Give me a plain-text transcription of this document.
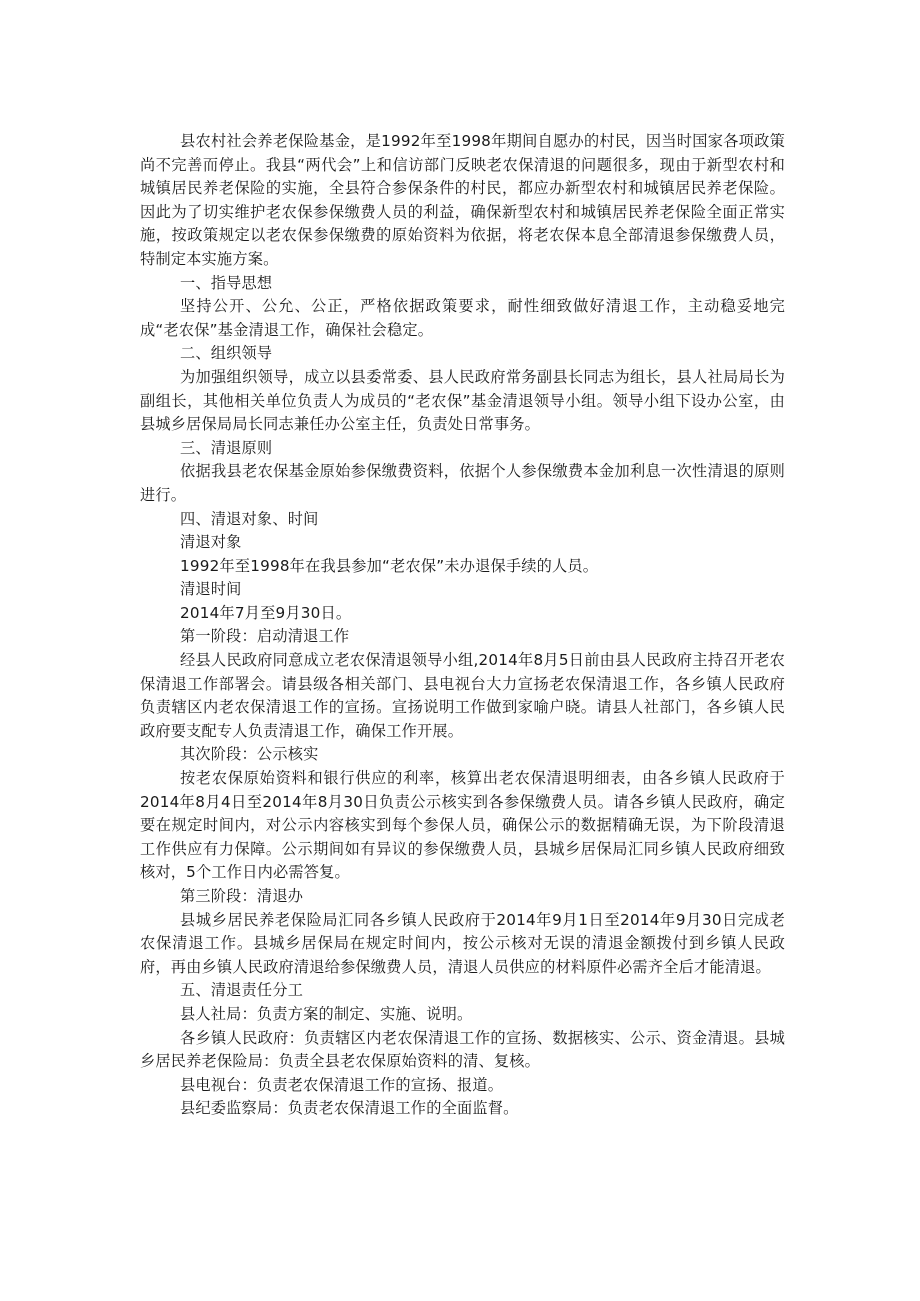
县农村社会养老保险基金，是1992年至1998年期间自愿办的村民，因当时国家各项政策尚不完善而停止。我县“两代会”上和信访部门反映老农保清退的问题很多，现由于新型农村和城镇居民养老保险的实施，全县符合参保条件的村民，都应办新型农村和城镇居民养老保险。因此为了切实维护老农保参保缴费人员的利益，确保新型农村和城镇居民养老保险全面正常实施，按政策规定以老农保参保缴费的原始资料为依据，将老农保本息全部清退参保缴费人员，特制定本实施方案。

一、指导思想

坚持公开、公允、公正，严格依据政策要求，耐性细致做好清退工作，主动稳妥地完成“老农保”基金清退工作，确保社会稳定。

二、组织领导

为加强组织领导，成立以县委常委、县人民政府常务副县长同志为组长，县人社局局长为副组长，其他相关单位负责人为成员的“老农保”基金清退领导小组。领导小组下设办公室，由县城乡居保局局长同志兼任办公室主任，负责处日常事务。

三、清退原则

依据我县老农保基金原始参保缴费资料，依据个人参保缴费本金加利息一次性清退的原则进行。

四、清退对象、时间

清退对象

1992年至1998年在我县参加“老农保”未办退保手续的人员。

清退时间

2014年7月至9月30日。

第一阶段：启动清退工作

经县人民政府同意成立老农保清退领导小组,2014年8月5日前由县人民政府主持召开老农保清退工作部署会。请县级各相关部门、县电视台大力宣扬老农保清退工作，各乡镇人民政府负责辖区内老农保清退工作的宣扬。宣扬说明工作做到家喻户晓。请县人社部门，各乡镇人民政府要支配专人负责清退工作，确保工作开展。

其次阶段：公示核实

按老农保原始资料和银行供应的利率，核算出老农保清退明细表，由各乡镇人民政府于2014年8月4日至2014年8月30日负责公示核实到各参保缴费人员。请各乡镇人民政府，确定要在规定时间内，对公示内容核实到每个参保人员，确保公示的数据精确无误，为下阶段清退工作供应有力保障。公示期间如有异议的参保缴费人员，县城乡居保局汇同乡镇人民政府细致核对，5个工作日内必需答复。

第三阶段：清退办

县城乡居民养老保险局汇同各乡镇人民政府于2014年9月1日至2014年9月30日完成老农保清退工作。县城乡居保局在规定时间内，按公示核对无误的清退金额拨付到乡镇人民政府，再由乡镇人民政府清退给参保缴费人员，清退人员供应的材料原件必需齐全后才能清退。

五、清退责任分工

县人社局：负责方案的制定、实施、说明。

各乡镇人民政府：负责辖区内老农保清退工作的宣扬、数据核实、公示、资金清退。县城乡居民养老保险局：负责全县老农保原始资料的清、复核。

县电视台：负责老农保清退工作的宣扬、报道。

县纪委监察局：负责老农保清退工作的全面监督。
